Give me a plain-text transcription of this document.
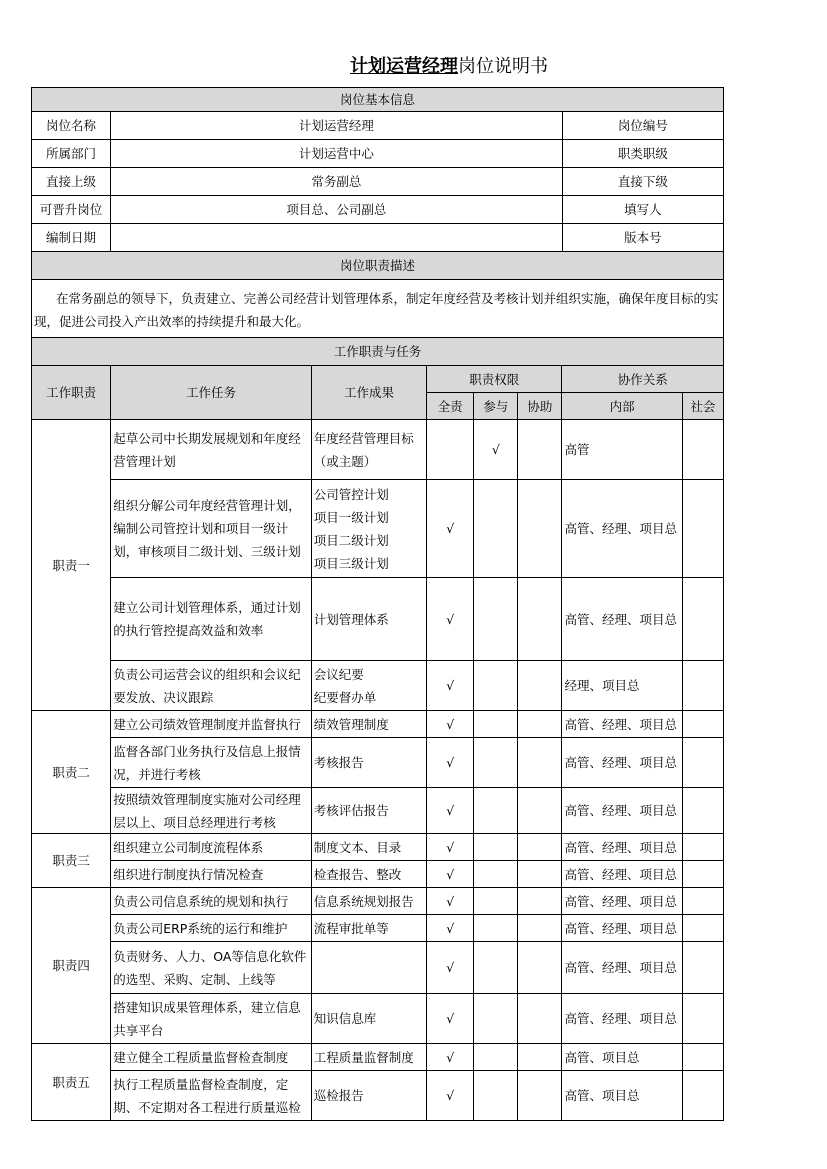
计划运营经理岗位说明书
岗位基本信息		
岗位名称	计划运营经理	岗位编号
所属部门	计划运营中心	职类职级
直接上级	常务副总	直接下级
可晋升岗位	项目总、公司副总	填写人
编制日期		版本号
岗位职责描述		
在常务副总的领导下，负责建立、完善公司经营计划管理体系，制定年度经营及考核计划并组织实施，确保年度目标的实现，促进公司投入产出效率的持续提升和最大化。		
工作职责与任务							
工作职责	工作任务	工作成果	职责权限			协作关系	
			全责	参与	协助	内部	社会
职责一	起草公司中长期发展规划和年度经营管理计划	年度经营管理目标（或主题）		√		高管	

	组织分解公司年度经营管理计划，编制公司管控计划和项目一级计划，审核项目二级计划、三级计划	公司管控计划
项目一级计划
项目二级计划
项目三级计划	√			高管、经理、项目总	

	建立公司计划管理体系，通过计划的执行管控提高效益和效率	计划管理体系	√			高管、经理、项目总	

	负责公司运营会议的组织和会议纪要发放、决议跟踪	会议纪要
纪要督办单	√			经理、项目总	

职责二	建立公司绩效管理制度并监督执行	绩效管理制度	√			高管、经理、项目总	

	监督各部门业务执行及信息上报情况，并进行考核	考核报告	√			高管、经理、项目总	

	按照绩效管理制度实施对公司经理层以上、项目总经理进行考核	考核评估报告	√			高管、经理、项目总	

职责三	组织建立公司制度流程体系	制度文本、目录	√			高管、经理、项目总	

	组织进行制度执行情况检查	检查报告、整改	√			高管、经理、项目总	

职责四	负责公司信息系统的规划和执行	信息系统规划报告	√			高管、经理、项目总	

	负责公司ERP系统的运行和维护	流程审批单等	√			高管、经理、项目总	

	负责财务、人力、OA等信息化软件的选型、采购、定制、上线等		√			高管、经理、项目总	

	搭建知识成果管理体系，建立信息共享平台	知识信息库	√			高管、经理、项目总	

职责五	建立健全工程质量监督检查制度	工程质量监督制度	√			高管、项目总	

	执行工程质量监督检查制度，定期、不定期对各工程进行质量巡检	巡检报告	√			高管、项目总	
